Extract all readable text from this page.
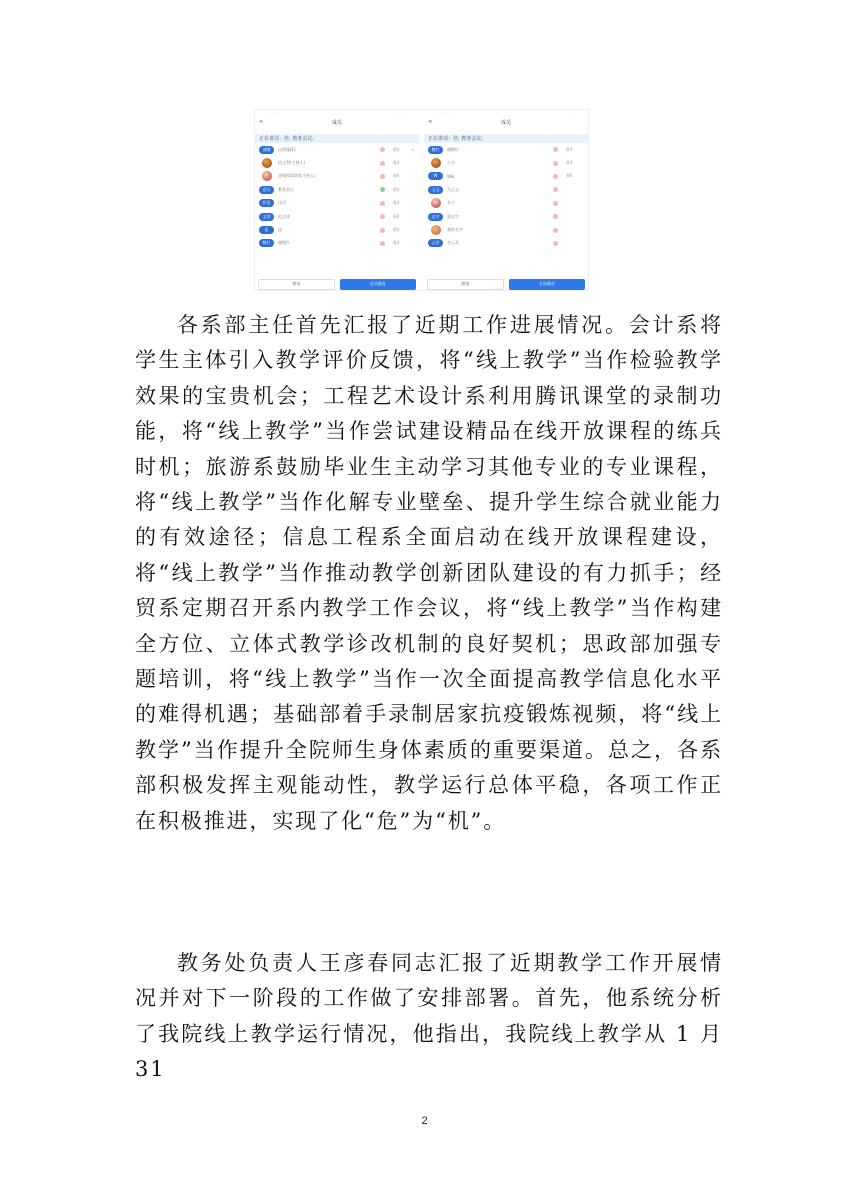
· · · · ·	· · · ·
<	成员
· · · ·	· ·
正在讲话：佳; 教务会议;
部哦	自律隆(E)	静4	>
段文利(主持人)	静4
凌瑾西5(联席主持人)	静4
会议	教务会议	静4
怀佳	佳佳	静4
文涛	范文涛	静4
佳	佳	静4
数红	谢数红	静4
邀请	全员静音
· · · · ·	· · · ·
<	成员
· · · ·	· ·
正在讲话：佳; 教务会议;
数红	谢数红	静4
小丰	静4
W	Wei	静4
玉文	马玉文
木子
志宇	张志宇
我的名字
云芳	李云芳
邀请	全员静音

各系部主任首先汇报了近期工作进展情况。会计系将学生主体引入教学评价反馈，将“线上教学”当作检验教学效果的宝贵机会；工程艺术设计系利用腾讯课堂的录制功能，将“线上教学”当作尝试建设精品在线开放课程的练兵时机；旅游系鼓励毕业生主动学习其他专业的专业课程，将“线上教学”当作化解专业壁垒、提升学生综合就业能力的有效途径；信息工程系全面启动在线开放课程建设，将“线上教学”当作推动教学创新团队建设的有力抓手；经贸系定期召开系内教学工作会议，将“线上教学”当作构建全方位、立体式教学诊改机制的良好契机；思政部加强专题培训，将“线上教学”当作一次全面提高教学信息化水平的难得机遇；基础部着手录制居家抗疫锻炼视频，将“线上教学”当作提升全院师生身体素质的重要渠道。总之，各系部积极发挥主观能动性，教学运行总体平稳，各项工作正在积极推进，实现了化“危”为“机”。

教务处负责人王彦春同志汇报了近期教学工作开展情况并对下一阶段的工作做了安排部署。首先，他系统分析了我院线上教学运行情况，他指出，我院线上教学从 1 月 31

2
